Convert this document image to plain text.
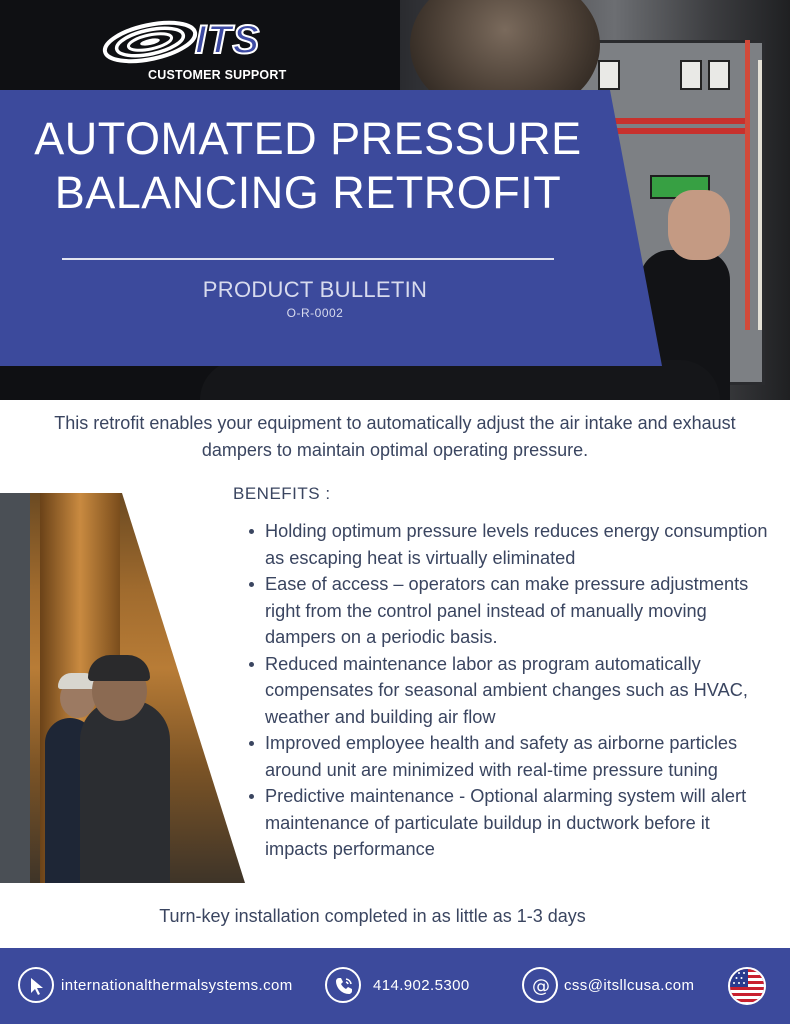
ITS
CUSTOMER SUPPORT
AUTOMATED PRESSURE
BALANCING RETROFIT
PRODUCT BULLETIN
O-R-0002

This retrofit enables your equipment to automatically adjust the air intake and exhaust dampers to maintain optimal operating pressure.

BENEFITS :
Holding optimum pressure levels reduces energy consumption as escaping heat is virtually eliminated
Ease of access – operators can make pressure adjustments right from the control panel instead of manually moving dampers on a periodic basis.
Reduced maintenance labor as program automatically compensates for seasonal ambient changes such as HVAC, weather and building air flow
Improved employee health and safety as airborne particles around unit are minimized with real-time pressure tuning
Predictive maintenance - Optional alarming system will alert maintenance of particulate buildup in ductwork before it impacts performance
Turn-key installation completed in as little as 1-3 days
internationalthermalsystems.com	414.902.5300	@ css@itsllcusa.com
